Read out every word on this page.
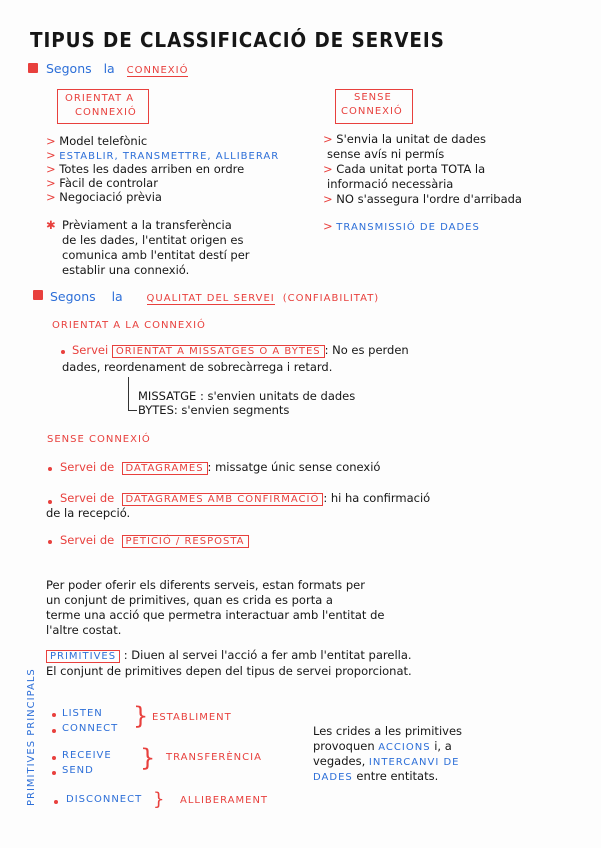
TIPUS DE CLASSIFICACIÓ DE SERVEIS
Segons la CONNEXIÓ
ORIENTAT A
CONNEXIÓ
SENSE
CONNEXIÓ
> Model telefònic
> ESTABLIR, TRANSMETTRE, ALLIBERAR
> Totes les dades arriben en ordre
> Fàcil de controlar
> Negociació prèvia
✱ Prèviament a la transferència
de les dades, l'entitat origen es
comunica amb l'entitat destí per
establir una connexió.
> S'envia la unitat de dades
sense avís ni permís
> Cada unitat porta TOTA la
informació necessària
> NO s'assegura l'ordre d'arribada
> TRANSMISSIÓ DE DADES
Segons la QUALITAT DEL SERVEI (CONFIABILITAT)
ORIENTAT A LA CONNEXIÓ
Servei ORIENTAT A MISSATGES O A BYTES : No es perden
dades, reordenament de sobrecàrrega i retard.
MISSATGE : s'envien unitats de dades
BYTES: s'envien segments
SENSE CONNEXIÓ
Servei de DATAGRAMES : missatge únic sense conexió
Servei de DATAGRAMES AMB CONFIRMACIÓ : hi ha confirmació
de la recepció.
Servei de PETICIÓ / RESPOSTA
Per poder oferir els diferents serveis, estan formats per
un conjunt de primitives, quan es crida es porta a
terme una acció que permetra interactuar amb l'entitat de
l'altre costat.
PRIMITIVES : Diuen al servei l'acció a fer amb l'entitat parella.
El conjunt de primitives depen del tipus de servei proporcionat.
PRIMITIVES PRINCIPALS	LISTEN
CONNECT } ESTABLIMENT
RECEIVE
SEND } TRANSFERÈNCIA
DISCONNECT } ALLIBERAMENT
Les crides a les primitives
provoquen ACCIONS i, a
vegades, INTERCANVI DE
DADES entre entitats.
